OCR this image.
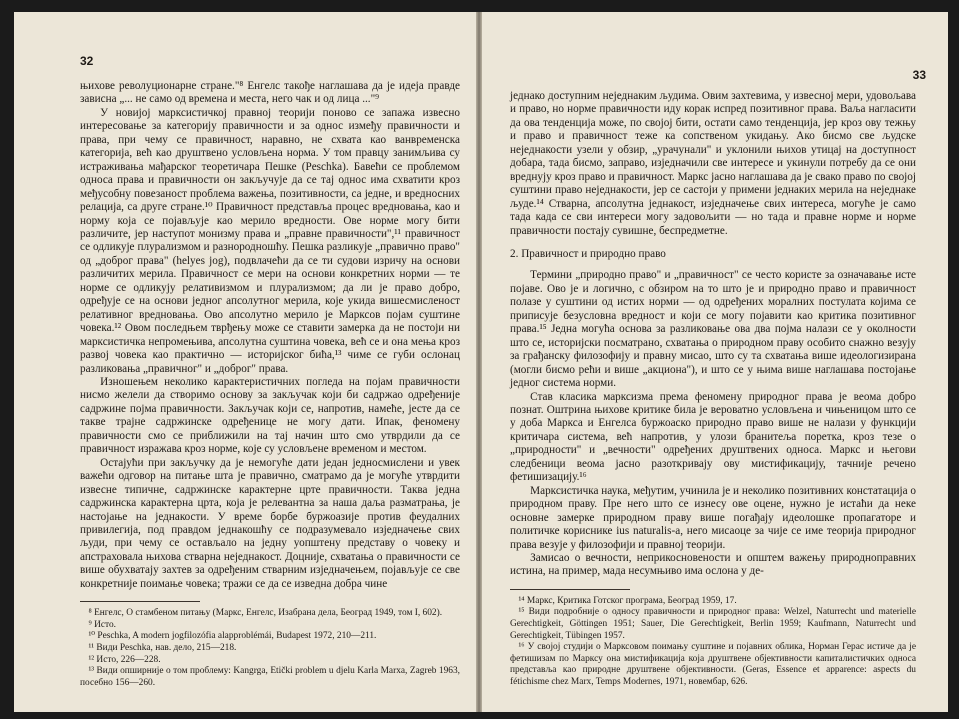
32

њихове револуционарне стране."⁸ Енгелс такође наглашава да је идеја правде зависна „... не само од времена и места, него чак и од лица ..."⁹

У новијој марксистичкој правној теорији поново се запажа извесно интересовање за категорију правичности и за однос између правичности и права, при чему се правичност, наравно, не схвата као ванвременска категорија, већ као друштвено условљена норма. У том правцу занимљива су истраживања мађарског теоретичара Пешке (Peschka). Бавећи се проблемом односа права и правичности он закључује да се тај однос има схватити кроз међусобну повезаност проблема важења, позитивности, са једне, и вредносних релација, са друге стране.¹⁰ Правичност представља процес вредновања, као и норму која се појављује као мерило вредности. Ове норме могу бити различите, јер наступот монизму права и „правне правичности",¹¹ правичност се одликује плурализмом и разнородношћу. Пешка разликује „правично право" од „доброг права" (helyes jog), подвлачећи да се ти судови изричу на основи различитих мерила. Правичност се мери на основи конкретних норми — те норме се одликују релативизмом и плурализмом; да ли је право добро, одређује се на основи једног апсолутног мерила, које укида вишесмисленост релативног вредновања. Ово апсолутно мерило је Марксов појам суштине човека.¹² Овом последњем тврђењу може се ставити замерка да не постоји ни марксистичка непромењива, апсолутна суштина човека, већ се и она мења кроз развој човека као практично — историјског бића,¹³ чиме се губи ослонац разликовања „правичног" и „доброг" права.

Изношењем неколико карактеристичних погледа на појам правичности нисмо желели да створимо основу за закључак који би садржао одређеније садржине појма правичности. Закључак који се, напротив, намеће, јесте да се такве трајне садржинске одређенице не могу дати. Ипак, феномену правичности смо се приближили на тај начин што смо утврдили да се правичност изражава кроз норме, које су условљене временом и местом.

Остајући при закључку да је немогуће дати један једносмислени и увек важећи одговор на питање шта је правично, сматрамо да је могуће утврдити извесне типичне, садржинске карактерне црте правичности. Таква једна садржинска карактерна црта, која је релевантна за наша даља разматрања, је настојање на једнакости. У време борбе буржоазије против феудалних привилегија, под правдом једнакошћу се подразумевало изједначење свих људи, при чему се остављало на једну уопштену представу о човеку и апстраховала њихова стварна неједнакост. Доцније, схватања о правичности се више обухватају захтев за одређеним стварним изједначењем, појављује се све конкретније поимање човека; тражи се да се изведна добра чине

⁸ Енгелс, О стамбеном питању (Маркс, Енгелс, Изабрана дела, Београд 1949, том I, 602).
⁹ Исто.
¹⁰ Peschka, A modern jogfilozófia alapproblémái, Budapest 1972, 210—211.
¹¹ Види Peschka, нав. дело, 215—218.
¹² Исто, 226—228.
¹³ Види опширније о том проблему: Kangrga, Etički problem u djelu Karla Marxa, Zagreb 1963, посебно 156—260.
33

једнако доступним неједнаким људима. Овим захтевима, у извесној мери, удовољава и право, но норме правичности иду корак испред позитивног права. Ваља нагласити да ова тенденција може, по својој бити, остати само тенденција, јер кроз ову тежњу и право и правичност теже ка сопственом укидању. Ако бисмо све људске неједнакости узели у обзир, „урачунали" и уклонили њихов утицај на доступност добара, тада бисмо, заправо, изједначили све интересе и укинули потребу да се они вреднују кроз право и правичност. Маркс јасно наглашава да је свако право по својој суштини право неједнакости, јер се састоји у примени једнаких мерила на неједнаке људе.¹⁴ Стварна, апсолутна једнакост, изједначење свих интереса, могуће је само тада када се сви интереси могу задовољити — но тада и правне норме и норме правичности постају сувишне, беспредметне.

2. Правичност и природно право

Термини „природно право" и „правичност" се често користе за означавање исте појаве. Ово је и логично, с обзиром на то што је и природно право и правичност полазе у суштини од истих норми — од одређених моралних постулата којима се приписује безусловна вредност и који се могу појавити као критика позитивног права.¹⁵ Једна могућа основа за разликовање ова два појма налази се у околности што се, историјски посматрано, схватања о природном праву особито снажно везују за грађанску филозофију и правну мисао, што су та схватања више идеологизирана (могли бисмо рећи и више „акциона"), и што се у њима више наглашава постојање једног система норми.

Став класика марксизма према феномену природног права је веома добро познат. Оштрина њихове критике била је вероватно условљена и чињеницом што се у доба Маркса и Енгелса буржоаско природно право више не налази у функцији критичара система, већ напротив, у улози бранитеља поретка, кроз тезе о „природности" и „вечности" одређених друштвених односа. Маркс и његови следбеници веома јасно разоткривају ову мистификацију, тачније речено фетишизацију.¹⁶

Марксистичка наука, међутим, учинила је и неколико позитивних констатација о природном праву. Пре него што се изнесу ове оцене, нужно је истаћи да неке основне замерке природном праву више погађају идеолошке пропагаторе и политичке кориснике ius naturalis-а, него мисаоце за чије се име теорија природног права везује у филозофији и правној теорији.

Замисао о вечности, неприкосновености и општем важењу природноправних истина, на пример, мада несумњиво има ослона у де-

¹⁴ Маркс, Критика Готског програма, Београд 1959, 17.
¹⁵ Види подробније о односу правичности и природног права: Welzel, Naturrecht und materielle Gerechtigkeit, Göttingen 1951; Sauer, Die Gerechtigkeit, Berlin 1959; Kaufmann, Naturrecht und Gerechtigkeit, Tübingen 1957.
¹⁶ У својој студији о Марксовом поимању суштине и појавних облика, Норман Герас истиче да је фетишизам по Марксу она мистификација која друштвене објективности капиталистичких односа представља као природне друштвене објективности. (Geras, Essence et apparence: aspects du fétichisme chez Marx, Temps Modernes, 1971, новембар, 626.
